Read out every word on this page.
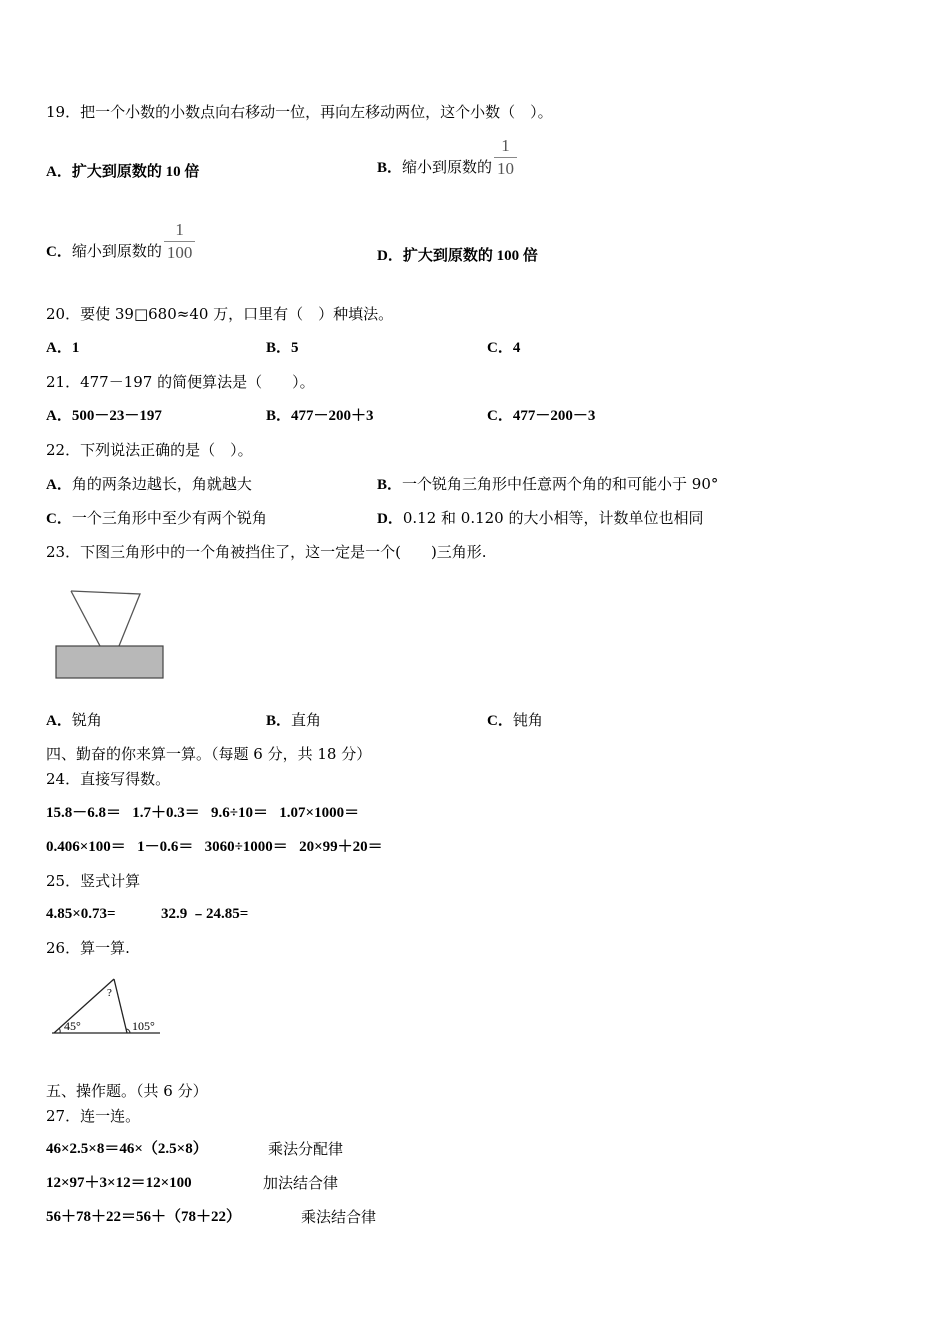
19．把一个小数的小数点向右移动一位，再向左移动两位，这个小数（　）。
A．扩大到原数的 10 倍	B．缩小到原数的 $\frac{1}{10}$
C．缩小到原数的 $\frac{1}{100}$	D．扩大到原数的 100 倍
20．要使 39□680≈40 万，口里有（　）种填法。
A．1	B．5	C．4
21．477－197 的简便算法是（　　）。
A．500－23－197	B．477－200＋3	C．477－200－3
22．下列说法正确的是（　）。
A．角的两条边越长，角就越大	B．一个锐角三角形中任意两个角的和可能小于 90°
C．一个三角形中至少有两个锐角	D．0.12 和 0.120 的大小相等，计数单位也相同
23．下图三角形中的一个角被挡住了，这一定是一个(　　)三角形.
A．锐角	B．直角	C．钝角
四、勤奋的你来算一算。（每题 6 分，共 18 分）
24．直接写得数。
15.8－6.8＝ 1.7＋0.3＝ 9.6÷10＝ 1.07×1000＝
0.406×100＝ 1－0.6＝ 3060÷1000＝ 20×99＋20＝
25．竖式计算
4.85×0.73=	32.9 ﹣24.85=
26．算一算.
45°
?
105°
五、操作题。（共 6 分）
27．连一连。
46×2.5×8＝46×（2.5×8）	乘法分配律
12×97＋3×12＝12×100	加法结合律
56＋78＋22＝56＋（78＋22）	乘法结合律
